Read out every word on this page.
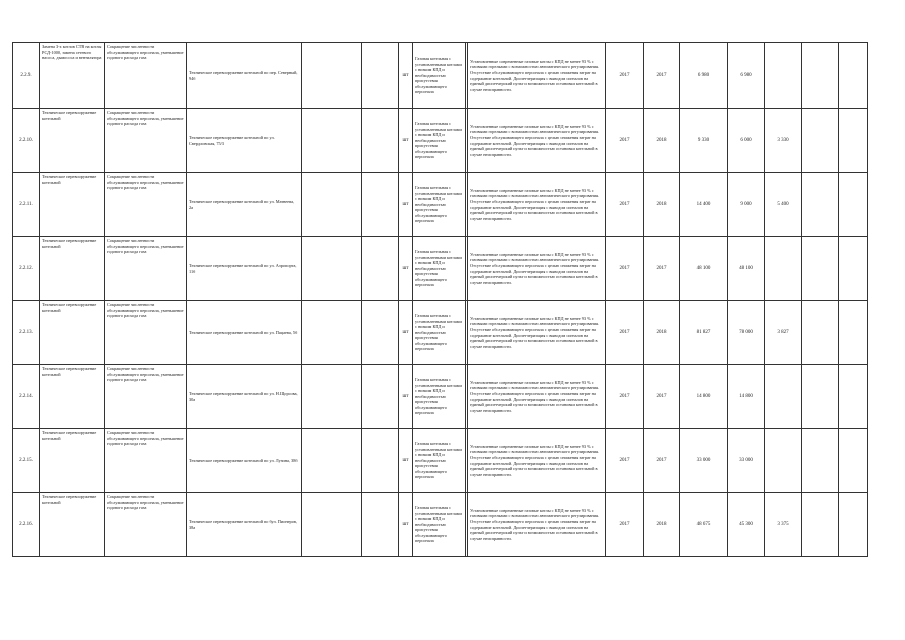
2.2.9.	Замена 3-х котлов СТВ на котлы РСД-1000, замена сетевого насоса, дымососа и вентилятора	Сокращение численности обслуживающего персонала, уменьшение годового расхода газа	Техническое перевооружение котельной по пер. Северный, 94б			шт	Газовая котельная с установленными котлами с низким КПД и необходимостью присутствия обслуживающего персонала		Установленные современные газовые котлы с КПД не менее 93 % с газовыми горелками с возможностью автоматического регулирования. Отсутствие обслуживающего персонала с целью снижения затрат на содержание котельной. Диспетчеризация с выводом сигналов на единый диспетчерский пульт и возможностью остановки котельной в случае неисправности.	2017	2017	6 980	6 980			
2.2.10.	Техническое перевооружение котельной	Сокращение численности обслуживающего персонала, уменьшение годового расхода газа	Техническое перевооружение котельной по ул. Свердловская, 75/3			шт	Газовая котельная с установленными котлами с низким КПД и необходимостью присутствия обслуживающего персонала		Установленные современные газовые котлы с КПД не менее 93 % с газовыми горелками с возможностью автоматического регулирования. Отсутствие обслуживающего персонала с целью снижения затрат на содержание котельной. Диспетчеризация с выводом сигналов на единый диспетчерский пульт и возможностью остановки котельной в случае неисправности.	2017	2018	9 330	6 000	3 330		
2.2.11.	Техническое перевооружение котельной	Сокращение численности обслуживающего персонала, уменьшение годового расхода газа	Техническое перевооружение котельной по ул. Матвеева, 2а			шт	Газовая котельная с установленными котлами с низким КПД и необходимостью присутствия обслуживающего персонала		Установленные современные газовые котлы с КПД не менее 93 % с газовыми горелками с возможностью автоматического регулирования. Отсутствие обслуживающего персонала с целью снижения затрат на содержание котельной. Диспетчеризация с выводом сигналов на единый диспетчерский пульт и возможностью остановки котельной в случае неисправности.	2017	2018	14 400	9 000	5 400		
2.2.12.	Техническое перевооружение котельной	Сокращение численности обслуживающего персонала, уменьшение годового расхода газа	Техническое перевооружение котельной по ул. Аэропорта, 11б			шт	Газовая котельная с установленными котлами с низким КПД и необходимостью присутствия обслуживающего персонала		Установленные современные газовые котлы с КПД не менее 93 % с газовыми горелками с возможностью автоматического регулирования. Отсутствие обслуживающего персонала с целью снижения затрат на содержание котельной. Диспетчеризация с выводом сигналов на единый диспетчерский пульт и возможностью остановки котельной в случае неисправности.	2017	2017	48 100	48 100			
2.2.13.	Техническое перевооружение котельной	Сокращение численности обслуживающего персонала, уменьшение годового расхода газа	Техническое перевооружение котельной по ул. Пацаева, 5б			шт	Газовая котельная с установленными котлами с низким КПД и необходимостью присутствия обслуживающего персонала		Установленные современные газовые котлы с КПД не менее 93 % с газовыми горелками с возможностью автоматического регулирования. Отсутствие обслуживающего персонала с целью снижения затрат на содержание котельной. Диспетчеризация с выводом сигналов на единый диспетчерский пульт и возможностью остановки котельной в случае неисправности.	2017	2018	81 827	78 000	3 827		
2.2.14.	Техническое перевооружение котельной	Сокращение численности обслуживающего персонала, уменьшение годового расхода газа	Техническое перевооружение котельной по ул. Н.Щорсова, 30а			шт	Газовая котельная с установленными котлами с низким КПД и необходимостью присутствия обслуживающего персонала		Установленные современные газовые котлы с КПД не менее 93 % с газовыми горелками с возможностью автоматического регулирования. Отсутствие обслуживающего персонала с целью снижения затрат на содержание котельной. Диспетчеризация с выводом сигналов на единый диспетчерский пульт и возможностью остановки котельной в случае неисправности.	2017	2017	14 800	14 800			
2.2.15.	Техническое перевооружение котельной	Сокращение численности обслуживающего персонала, уменьшение годового расхода газа	Техническое перевооружение котельной по ул. Лузина, 38б			шт	Газовая котельная с установленными котлами с низким КПД и необходимостью присутствия обслуживающего персонала		Установленные современные газовые котлы с КПД не менее 93 % с газовыми горелками с возможностью автоматического регулирования. Отсутствие обслуживающего персонала с целью снижения затрат на содержание котельной. Диспетчеризация с выводом сигналов на единый диспетчерский пульт и возможностью остановки котельной в случае неисправности.	2017	2017	33 000	33 000			
2.2.16.	Техническое перевооружение котельной	Сокращение численности обслуживающего персонала, уменьшение годового расхода газа	Техническое перевооружение котельной по бул. Пионеров, 38а			шт	Газовая котельная с установленными котлами с низким КПД и необходимостью присутствия обслуживающего персонала		Установленные современные газовые котлы с КПД не менее 93 % с газовыми горелками с возможностью автоматического регулирования. Отсутствие обслуживающего персонала с целью снижения затрат на содержание котельной. Диспетчеризация с выводом сигналов на единый диспетчерский пульт и возможностью остановки котельной в случае неисправности.	2017	2018	48 675	45 300	3 375		
